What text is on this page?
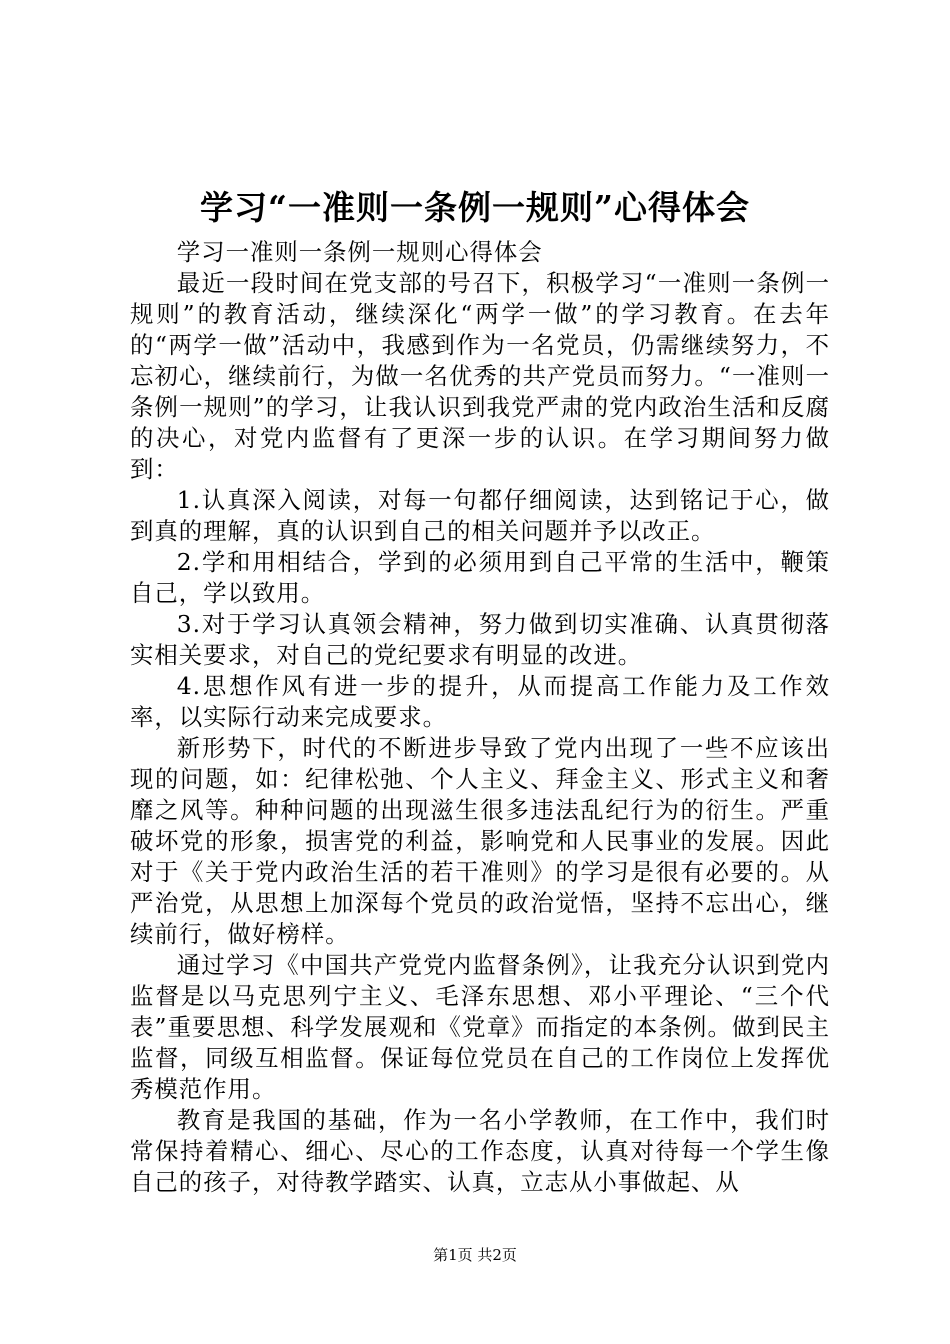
学习“一准则一条例一规则”心得体会

学习一准则一条例一规则心得体会

最近一段时间在党支部的号召下，积极学习“一准则一条例一规则”的教育活动，继续深化“两学一做”的学习教育。在去年的“两学一做”活动中，我感到作为一名党员，仍需继续努力，不忘初心，继续前行，为做一名优秀的共产党员而努力。“一准则一条例一规则”的学习，让我认识到我党严肃的党内政治生活和反腐的决心，对党内监督有了更深一步的认识。在学习期间努力做到：

1.认真深入阅读，对每一句都仔细阅读，达到铭记于心，做到真的理解，真的认识到自己的相关问题并予以改正。

2.学和用相结合，学到的必须用到自己平常的生活中，鞭策自己，学以致用。

3.对于学习认真领会精神，努力做到切实准确、认真贯彻落实相关要求，对自己的党纪要求有明显的改进。

4.思想作风有进一步的提升，从而提高工作能力及工作效率，以实际行动来完成要求。

新形势下，时代的不断进步导致了党内出现了一些不应该出现的问题，如：纪律松弛、个人主义、拜金主义、形式主义和奢靡之风等。种种问题的出现滋生很多违法乱纪行为的衍生。严重破坏党的形象，损害党的利益，影响党和人民事业的发展。因此对于《关于党内政治生活的若干准则》的学习是很有必要的。从严治党，从思想上加深每个党员的政治觉悟，坚持不忘出心，继续前行，做好榜样。

通过学习《中国共产党党内监督条例》，让我充分认识到党内监督是以马克思列宁主义、毛泽东思想、邓小平理论、“三个代表”重要思想、科学发展观和《党章》而指定的本条例。做到民主监督，同级互相监督。保证每位党员在自己的工作岗位上发挥优秀模范作用。

教育是我国的基础，作为一名小学教师，在工作中，我们时常保持着精心、细心、尽心的工作态度，认真对待每一个学生像自己的孩子，对待教学踏实、认真，立志从小事做起、从

第1页 共2页
